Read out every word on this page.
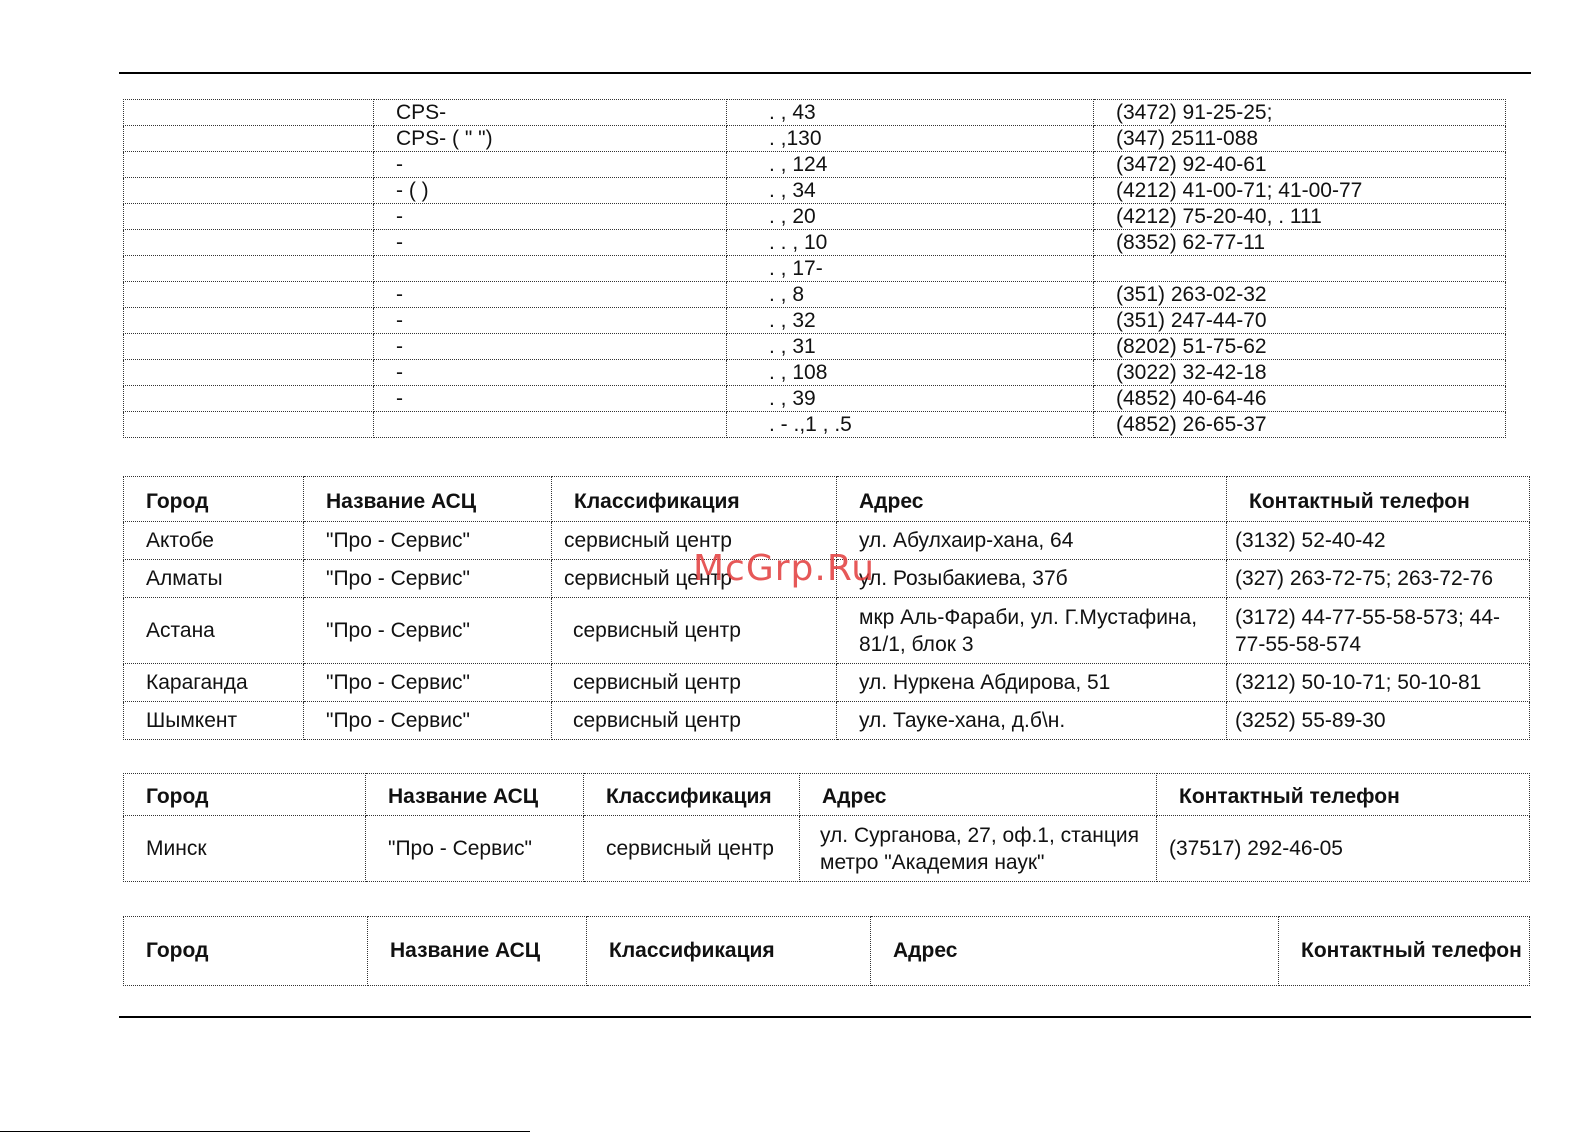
	CPS-	. , 43	(3472) 91-25-25;
	CPS- ( " ")	. ,130	(347) 2511-088
	-	. , 124	(3472) 92-40-61
	- ( )	. , 34	(4212) 41-00-71; 41-00-77
	-	. , 20	(4212) 75-20-40, . 111
	-	. . , 10	(8352) 62-77-11
		. , 17-	
	-	. , 8	(351) 263-02-32
	-	. , 32	(351) 247-44-70
	-	. , 31	(8202) 51-75-62
	-	. , 108	(3022) 32-42-18
	-	. , 39	(4852) 40-64-46
		. - .,1 , .5	(4852) 26-65-37
Город	Название АСЦ	Классификация	Адрес	Контактный телефон
Актобе	"Про - Сервис"	сервисный центр	ул. Абулхаир-хана, 64	(3132) 52-40-42
Алматы	"Про - Сервис"	сервисный центр	ул. Розыбакиева, 37б	(327) 263-72-75; 263-72-76
Астана	"Про - Сервис"	сервисный центр	мкр Аль-Фараби, ул. Г.Мустафина, 81/1, блок 3	(3172) 44-77-55-58-573; 44-77-55-58-574
Караганда	"Про - Сервис"	сервисный центр	ул. Нуркена Абдирова, 51	(3212) 50-10-71; 50-10-81
Шымкент	"Про - Сервис"	сервисный центр	ул. Тауке-хана, д.б\н.	(3252) 55-89-30
McGrp.Ru
Город	Название АСЦ	Классификация	Адрес	Контактный телефон
Минск	"Про - Сервис"	сервисный центр	ул. Сурганова, 27, оф.1, станция метро "Академия наук"	(37517) 292-46-05
Город	Название АСЦ	Классификация	Адрес	Контактный телефон
